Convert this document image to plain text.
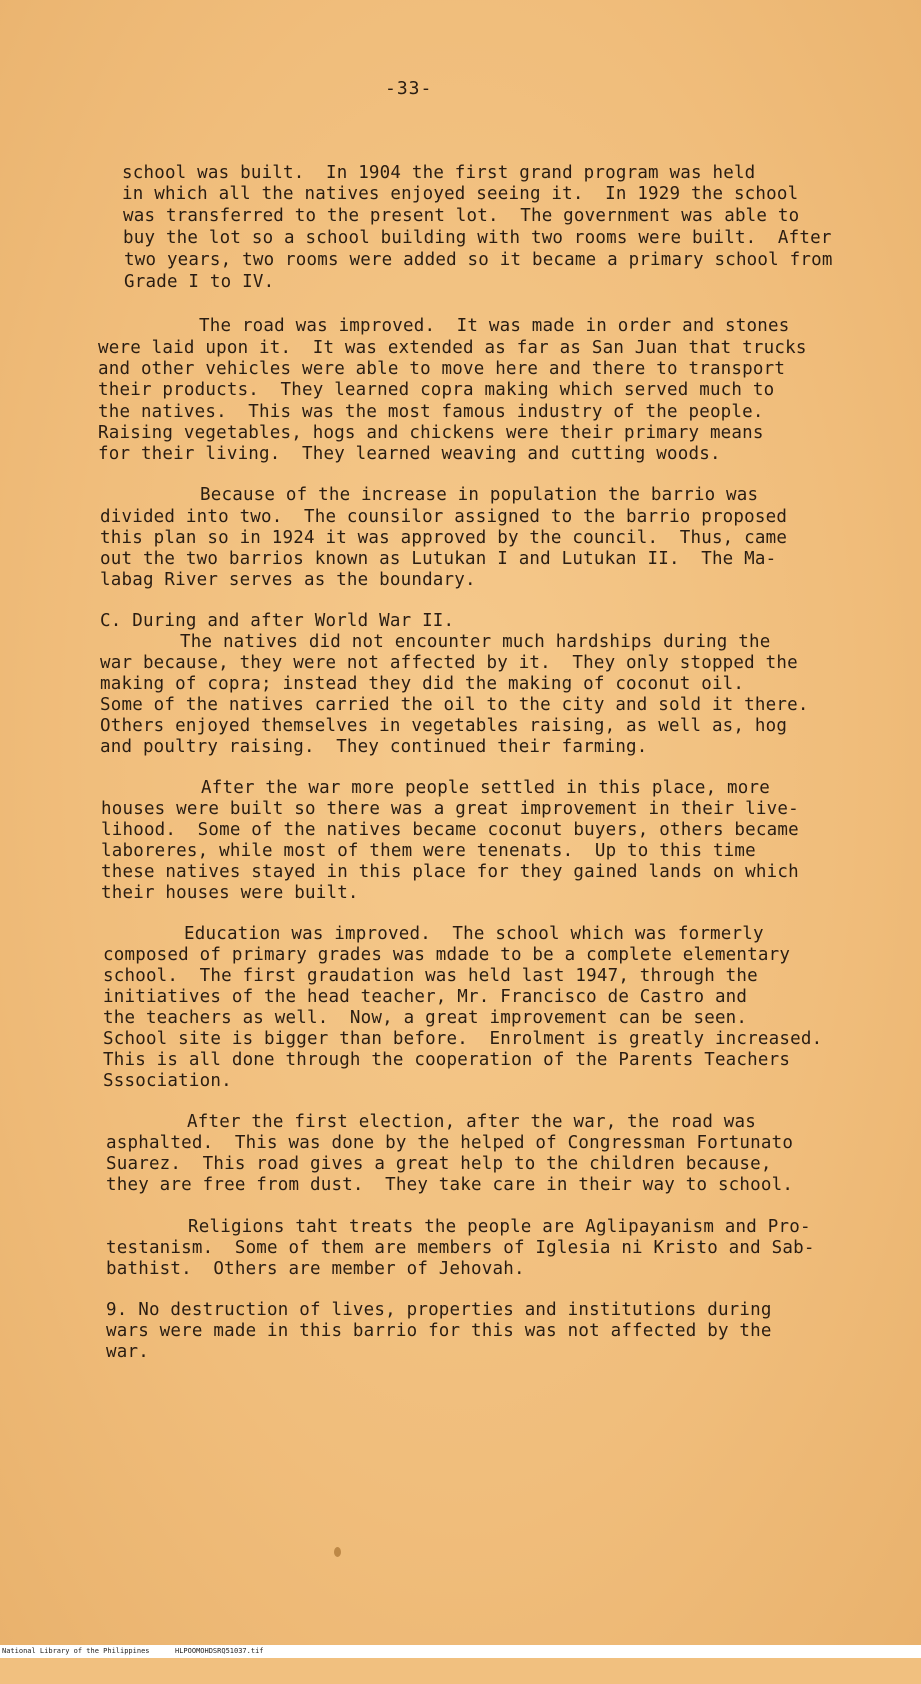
-33-
school was built.  In 1904 the first grand program was held
in which all the natives enjoyed seeing it.  In 1929 the school
was transferred to the present lot.  The government was able to
buy the lot so a school building with two rooms were built.  After
two years, two rooms were added so it became a primary school from
Grade I to IV.
The road was improved.  It was made in order and stones
were laid upon it.  It was extended as far as San Juan that trucks
and other vehicles were able to move here and there to transport
their products.  They learned copra making which served much to
the natives.  This was the most famous industry of the people.
Raising vegetables, hogs and chickens were their primary means
for their living.  They learned weaving and cutting woods.
Because of the increase in population the barrio was
divided into two.  The counsilor assigned to the barrio proposed
this plan so in 1924 it was approved by the council.  Thus, came
out the two barrios known as Lutukan I and Lutukan II.  The Ma-
labag River serves as the boundary.
C. During and after World War II.
The natives did not encounter much hardships during the
war because, they were not affected by it.  They only stopped the
making of copra; instead they did the making of coconut oil.
Some of the natives carried the oil to the city and sold it there.
Others enjoyed themselves in vegetables raising, as well as, hog
and poultry raising.  They continued their farming.
After the war more people settled in this place, more
houses were built so there was a great improvement in their live-
lihood.  Some of the natives became coconut buyers, others became
laboreres, while most of them were tenenats.  Up to this time
these natives stayed in this place for they gained lands on which
their houses were built.
Education was improved.  The school which was formerly
composed of primary grades was mdade to be a complete elementary
school.  The first graudation was held last 1947, through the
initiatives of the head teacher, Mr. Francisco de Castro and
the teachers as well.  Now, a great improvement can be seen.
School site is bigger than before.  Enrolment is greatly increased.
This is all done through the cooperation of the Parents Teachers
Sssociation.
After the first election, after the war, the road was
asphalted.  This was done by the helped of Congressman Fortunato
Suarez.  This road gives a great help to the children because,
they are free from dust.  They take care in their way to school.
Religions taht treats the people are Aglipayanism and Pro-
testanism.  Some of them are members of Iglesia ni Kristo and Sab-
bathist.  Others are member of Jehovah.
9. No destruction of lives, properties and institutions during
wars were made in this barrio for this was not affected by the
war.

National Library of the Philippines

	HLPOOMOHDSRQ51037.tif
